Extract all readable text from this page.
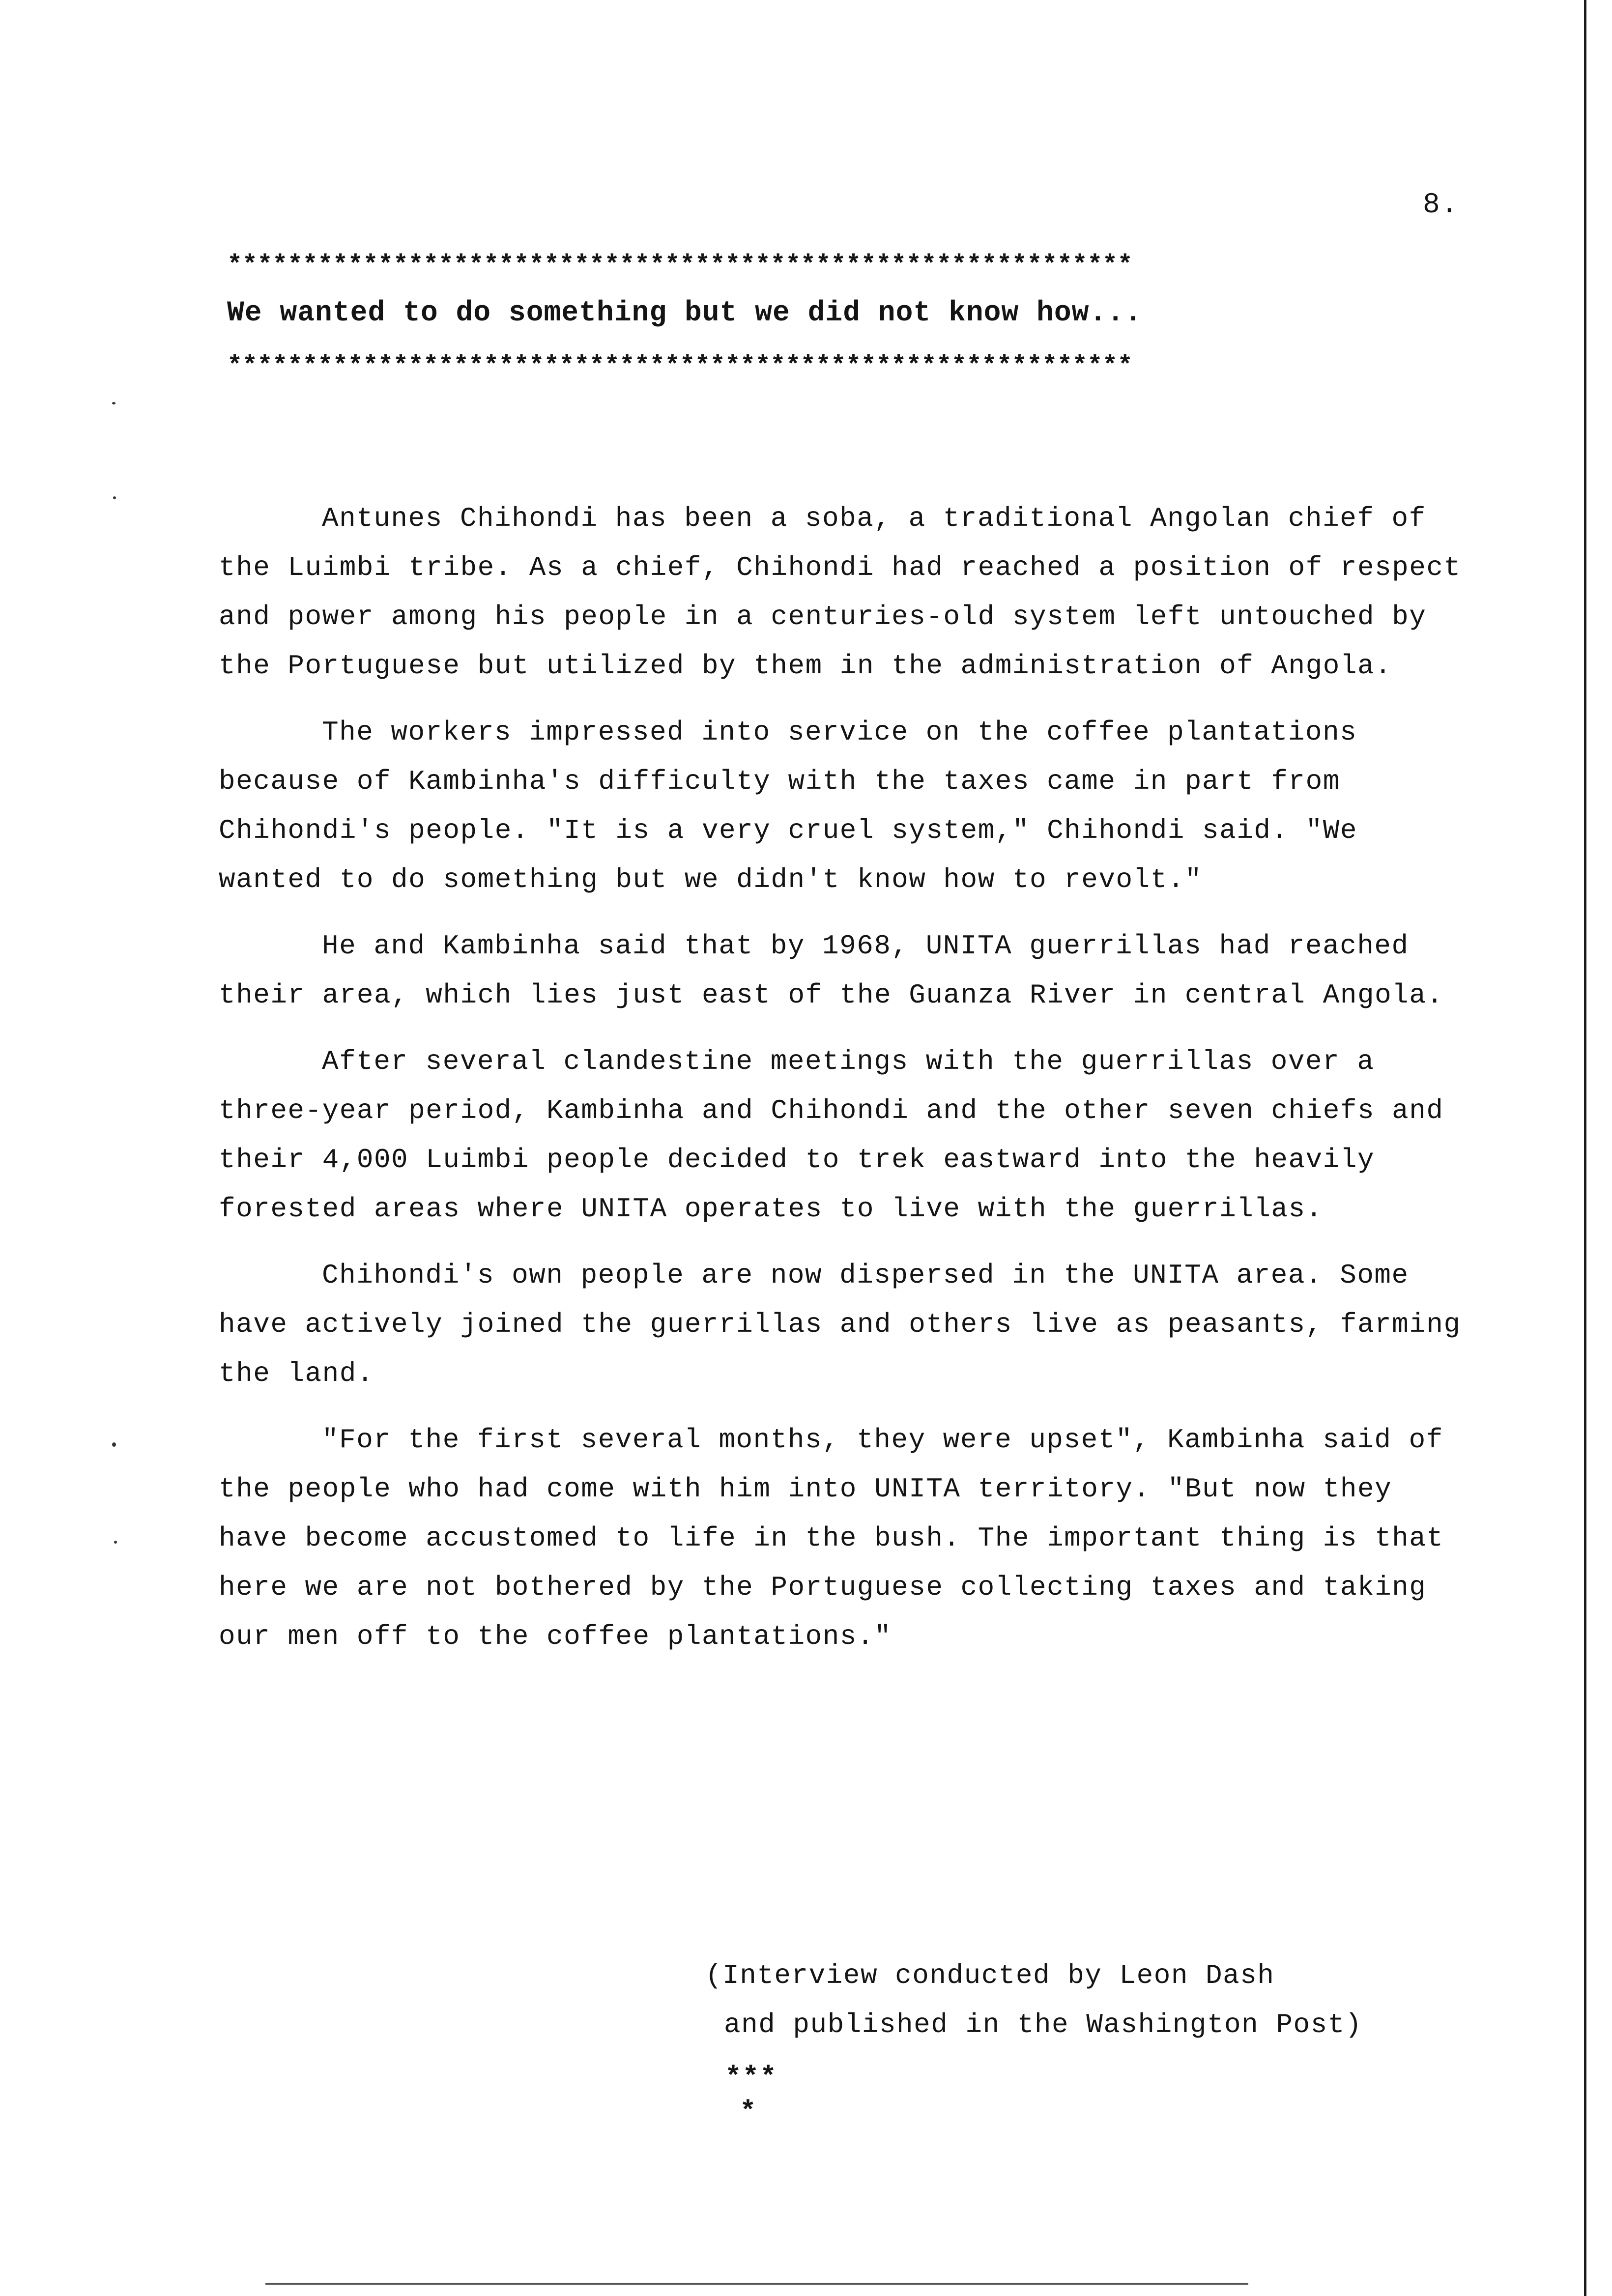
8.
************************************************************
We wanted to do something but we did not know how...
************************************************************

Antunes Chihondi has been a soba, a traditional Angolan chief of the Luimbi tribe. As a chief, Chihondi had reached a position of respect and power among his people in a centuries-old system left untouched by the Portuguese but utilized by them in the administration of Angola.

The workers impressed into service on the coffee plantations because of Kambinha's difficulty with the taxes came in part from Chihondi's people. "It is a very cruel system," Chihondi said. "We wanted to do something but we didn't know how to revolt."

He and Kambinha said that by 1968, UNITA guerrillas had reached their area, which lies just east of the Guanza River in central Angola.

After several clandestine meetings with the guerrillas over a three-year period, Kambinha and Chihondi and the other seven chiefs and their 4,000 Luimbi people decided to trek eastward into the heavily forested areas where UNITA operates to live with the guerrillas.

Chihondi's own people are now dispersed in the UNITA area. Some have actively joined the guerrillas and others live as peasants, farming the land.

"For the first several months, they were upset", Kambinha said of the people who had come with him into UNITA territory. "But now they have become accustomed to life in the bush. The important thing is that here we are not bothered by the Portuguese collecting taxes and taking our men off to the coffee plantations."

(Interview conducted by Leon Dash
and published in the Washington Post)
***
*
